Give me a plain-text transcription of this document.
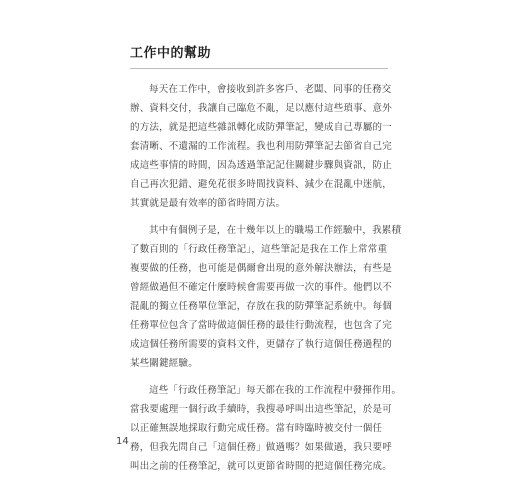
工作中的幫助

每天在工作中，會接收到許多客戶、老闆、同事的任務交
辦、資料交付，我讓自己臨危不亂，足以應付這些瑣事、意外
的方法，就是把這些雜訊轉化成防彈筆記，變成自己專屬的一
套清晰、不遺漏的工作流程。我也利用防彈筆記去節省自己完
成這些事情的時間，因為透過筆記記住關鍵步驟與資訊，防止
自己再次犯錯、避免花很多時間找資料、減少在混亂中迷航，
其實就是最有效率的節省時間方法。

其中有個例子是，在十幾年以上的職場工作經驗中，我累積
了數百則的「行政任務筆記」，這些筆記是我在工作上常常重
複要做的任務，也可能是偶爾會出現的意外解決辦法，有些是
曾經做過但不確定什麼時候會需要再做一次的事件。他們以不
混亂的獨立任務單位筆記，存放在我的防彈筆記系統中。每個
任務單位包含了當時做這個任務的最佳行動流程，也包含了完
成這個任務所需要的資料文件，更儲存了執行這個任務過程的
某些關鍵經驗。

這些「行政任務筆記」每天都在我的工作流程中發揮作用。
當我要處理一個行政手續時，我搜尋呼叫出這些筆記，於是可
以正確無誤地採取行動完成任務。當有時臨時被交付一個任
務，但我先問自己「這個任務」做過嗎？如果做過，我只要呼
叫出之前的任務筆記，就可以更節省時間的把這個任務完成。

14
